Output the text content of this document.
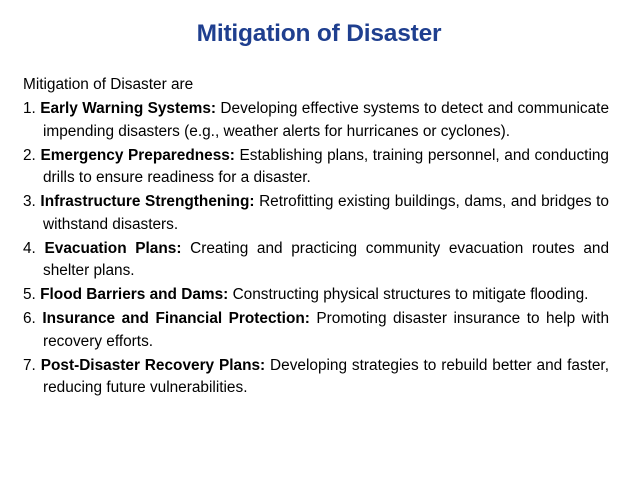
Mitigation of Disaster
Mitigation of Disaster are
1. Early Warning Systems: Developing effective systems to detect and communicate impending disasters (e.g., weather alerts for hurricanes or cyclones).
2. Emergency Preparedness: Establishing plans, training personnel, and conducting drills to ensure readiness for a disaster.
3. Infrastructure Strengthening: Retrofitting existing buildings, dams, and bridges to withstand disasters.
4. Evacuation Plans: Creating and practicing community evacuation routes and shelter plans.
5. Flood Barriers and Dams: Constructing physical structures to mitigate flooding.
6. Insurance and Financial Protection: Promoting disaster insurance to help with recovery efforts.
7. Post-Disaster Recovery Plans: Developing strategies to rebuild better and faster, reducing future vulnerabilities.
